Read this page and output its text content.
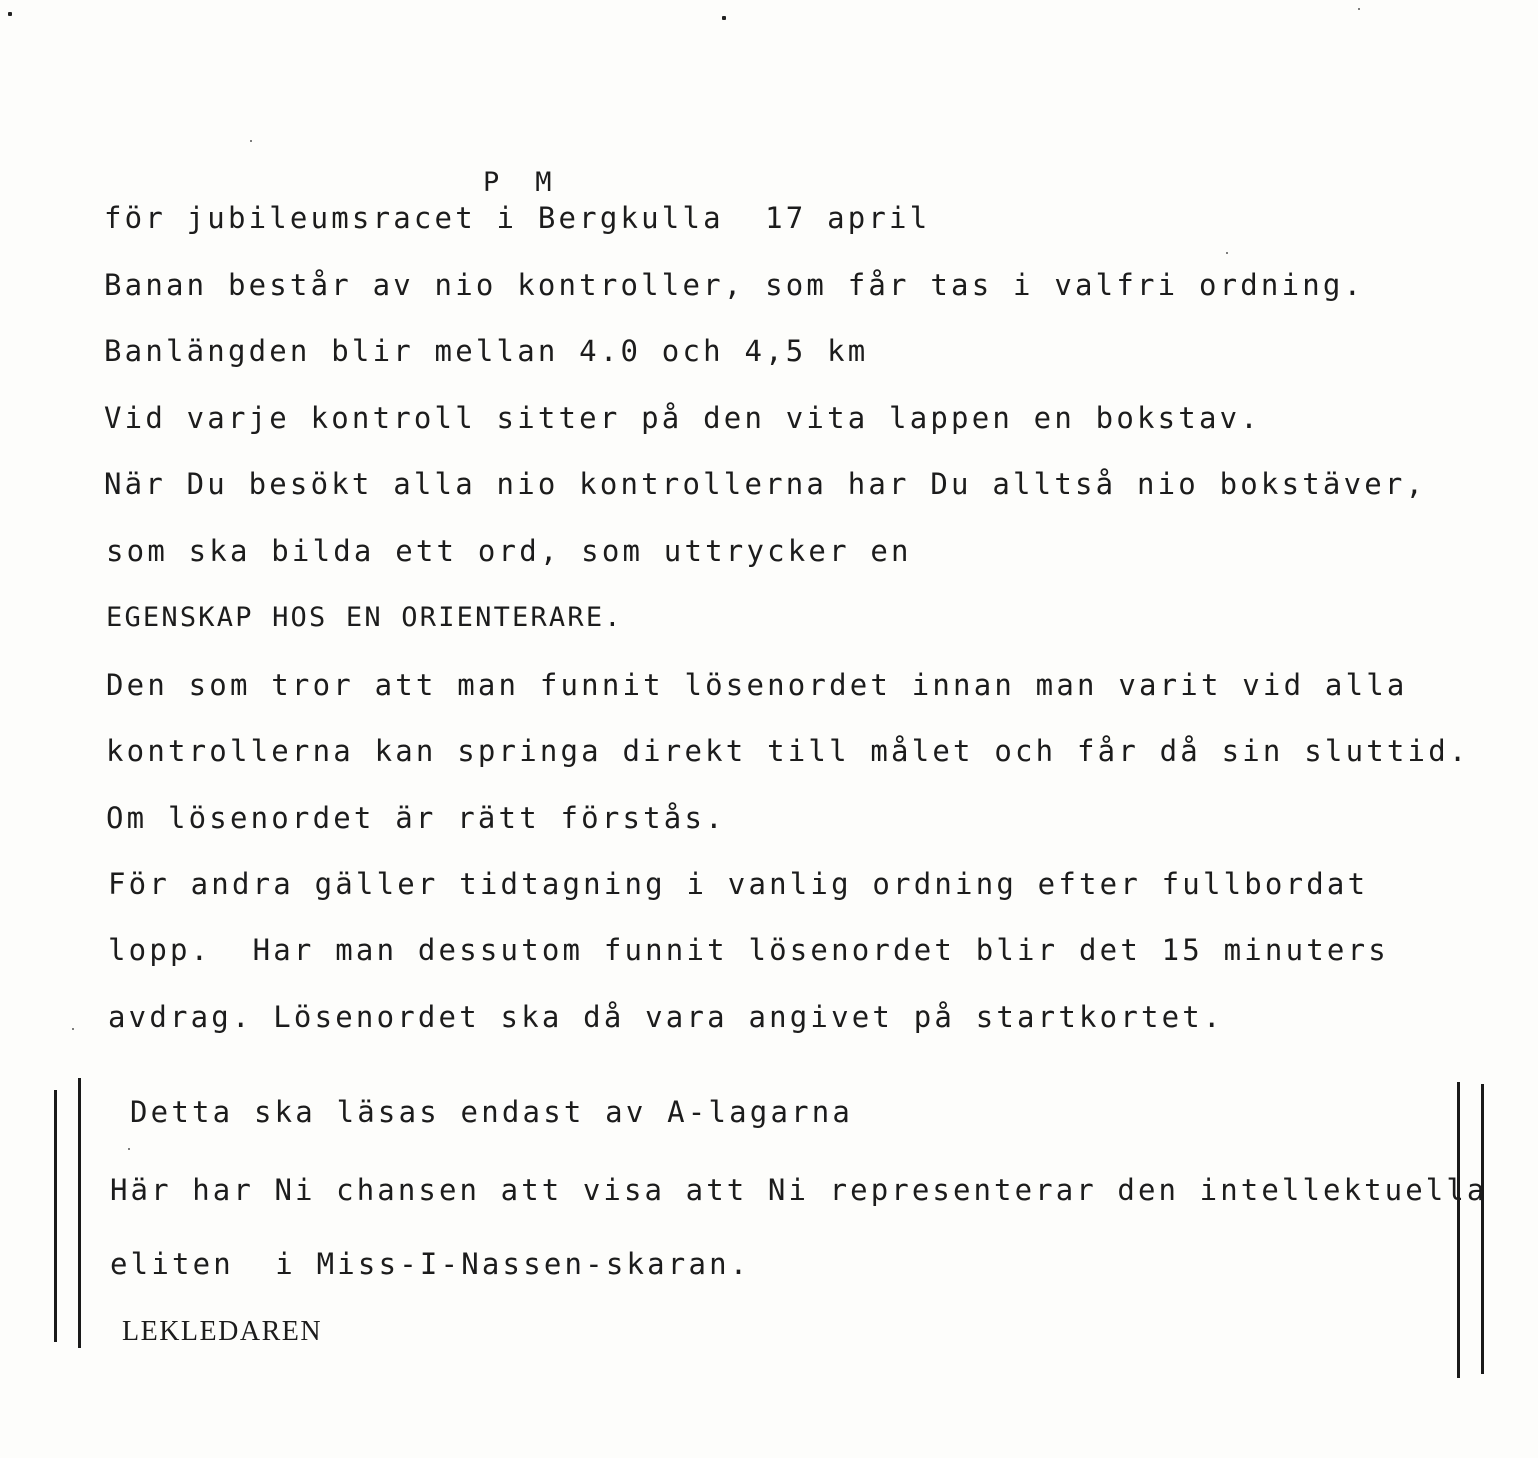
P M

för jubileumsracet i Bergkulla  17 april
Banan består av nio kontroller, som får tas i valfri ordning.
Banlängden blir mellan 4.0 och 4,5 km
Vid varje kontroll sitter på den vita lappen en bokstav.
När Du besökt alla nio kontrollerna har Du alltså nio bokstäver,
som ska bilda ett ord, som uttrycker en
EGENSKAP HOS EN ORIENTERARE.
Den som tror att man funnit lösenordet innan man varit vid alla
kontrollerna kan springa direkt till målet och får då sin sluttid.
Om lösenordet är rätt förstås.
För andra gäller tidtagning i vanlig ordning efter fullbordat
lopp.  Har man dessutom funnit lösenordet blir det 15 minuters
avdrag. Lösenordet ska då vara angivet på startkortet.
Detta ska läsas endast av A-lagarna
Här har Ni chansen att visa att Ni representerar den intellektuella
eliten  i Miss-I-Nassen-skaran.
LEKLEDAREN
